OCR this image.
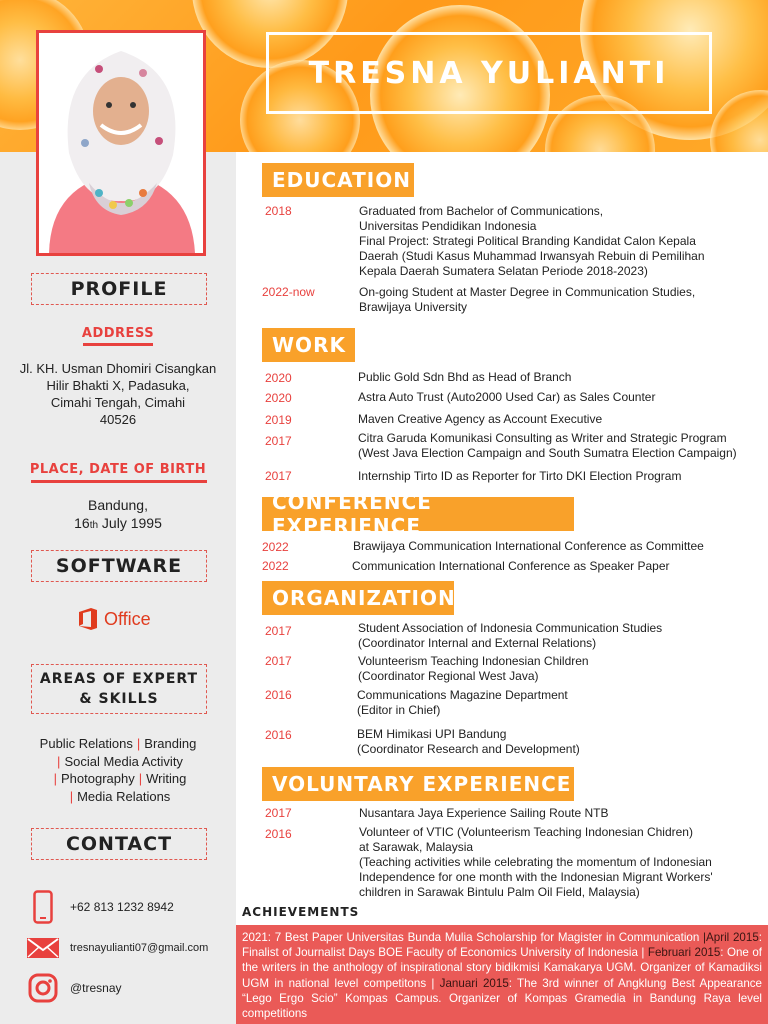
TRESNA YULIANTI
PROFILE
ADDRESS
Jl. KH. Usman Dhomiri Cisangkan
Hilir Bhakti X, Padasuka,
Cimahi Tengah, Cimahi
40526
PLACE, DATE OF BIRTH
Bandung,
16th July 1995
SOFTWARE
Office
AREAS OF EXPERT
& SKILLS
Public Relations | Branding
| Social Media Activity
| Photography | Writing
| Media Relations
CONTACT
+62 813 1232 8942
tresnayulianti07@gmail.com
@tresnay
EDUCATION
2018	Graduated from Bachelor of Communications,
Universitas Pendidikan Indonesia
Final Project: Strategi Political Branding Kandidat Calon Kepala
Daerah (Studi Kasus Muhammad Irwansyah Rebuin di Pemilihan
Kepala Daerah Sumatera Selatan Periode 2018-2023)
2022-now	On-going Student at Master Degree in Communication Studies,
Brawijaya University
WORK
2020	Public Gold Sdn Bhd as Head of Branch
2020	Astra Auto Trust (Auto2000 Used Car) as Sales Counter
2019	Maven Creative Agency as Account Executive
2017	Citra Garuda Komunikasi Consulting as Writer and Strategic Program
(West Java Election Campaign and South Sumatra Election Campaign)
2017	Internship Tirto ID as Reporter for Tirto DKI Election Program
CONFERENCE EXPERIENCE
2022	Brawijaya Communication International Conference as Committee
2022	Communication International Conference as Speaker Paper
ORGANIZATION
2017	Student Association of Indonesia Communication Studies
(Coordinator Internal and External Relations)
2017	Volunteerism Teaching Indonesian Children
(Coordinator Regional West Java)
2016	Communications Magazine Department
(Editor in Chief)
2016	BEM Himikasi UPI Bandung
(Coordinator Research and Development)
VOLUNTARY EXPERIENCE
2017	Nusantara Jaya Experience Sailing Route NTB
2016	Volunteer of VTIC (Volunteerism Teaching Indonesian Chidren)
at Sarawak, Malaysia
(Teaching activities while celebrating the momentum of Indonesian
Independence for one month with the Indonesian Migrant Workers'
children in Sarawak Bintulu Palm Oil Field, Malaysia)
ACHIEVEMENTS
2021: 7 Best Paper Universitas Bunda Mulia Scholarship for Magister in Communication |April 2015: Finalist of Journalist Days BOE Faculty of Economics University of Indonesia | Februari 2015: One of the writers in the anthology of inspirational story bidikmisi Kamakarya UGM. Organizer of Kamadiksi UGM in national level competitons | Januari 2015: The 3rd winner of Angklung Best Appearance “Lego Ergo Scio” Kompas Campus. Organizer of Kompas Gramedia in Bandung Raya level competitions
